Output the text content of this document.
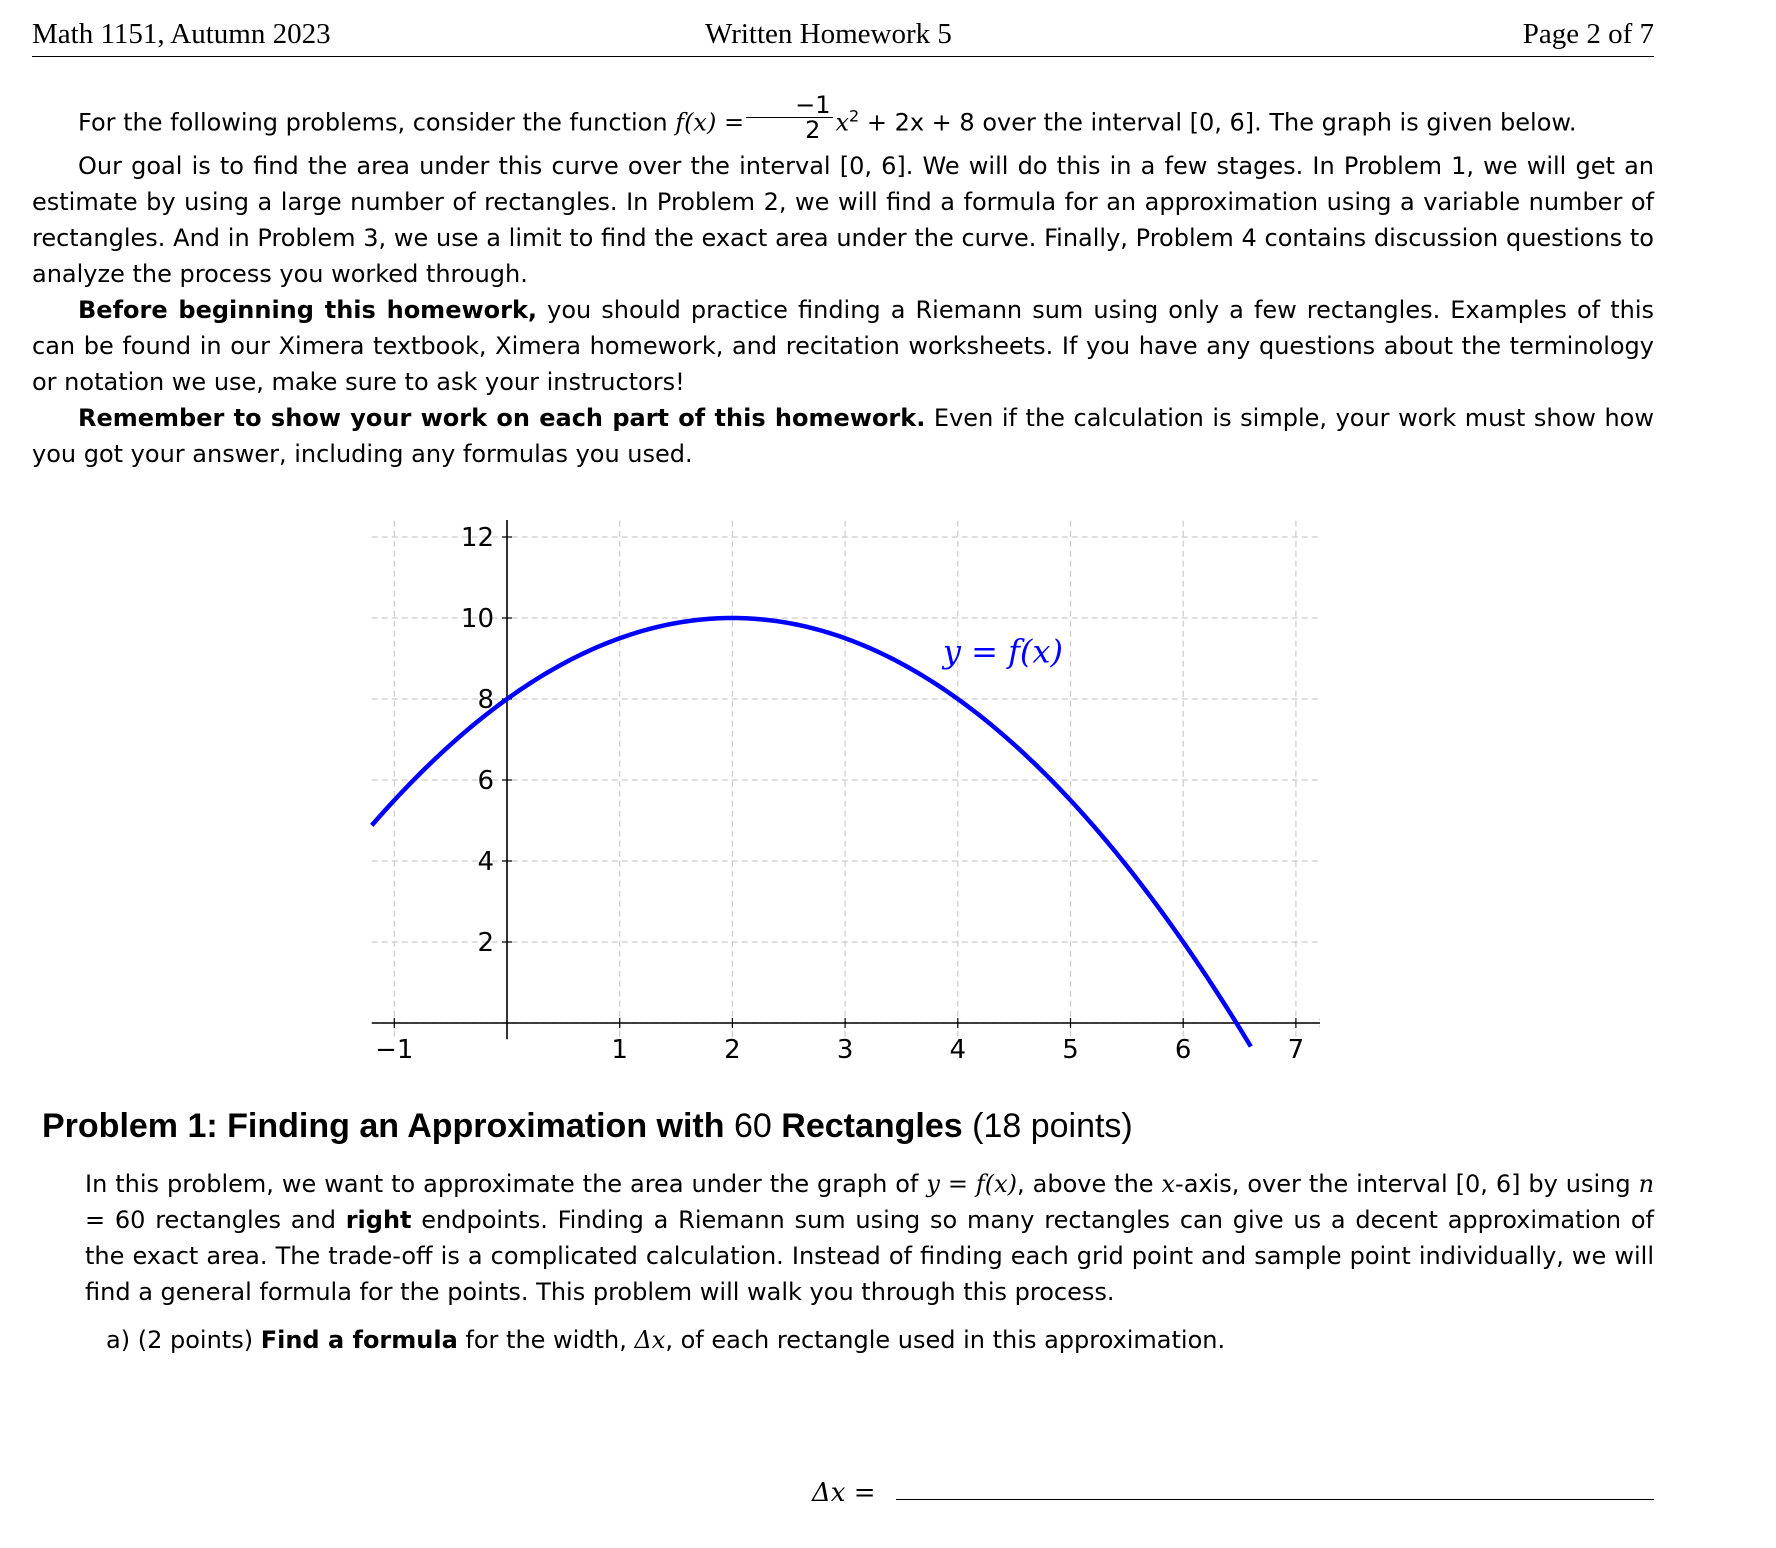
Math 1151, Autumn 2023	Written Homework 5	Page 2 of 7

For the following problems, consider the function $f(x) = \frac{-1}{2} x^2 + 2x + 8$ over the interval [0, 6]. The graph is given below.

Our goal is to find the area under this curve over the interval [0, 6]. We will do this in a few stages. In Problem 1, we will get an estimate by using a large number of rectangles. In Problem 2, we will find a formula for an approximation using a variable number of rectangles. And in Problem 3, we use a limit to find the exact area under the curve. Finally, Problem 4 contains discussion questions to analyze the process you worked through.

Before beginning this homework, you should practice finding a Riemann sum using only a few rectangles. Examples of this can be found in our Ximera textbook, Ximera homework, and recitation worksheets. If you have any questions about the terminology or notation we use, make sure to ask your instructors!

Remember to show your work on each part of this homework. Even if the calculation is simple, your work must show how you got your answer, including any formulas you used.

−1	1	2	3	4	5	6	7
2
4
6
8
10
12
y = f(x)
Problem 1: Finding an Approximation with 60 Rectangles (18 points)
In this problem, we want to approximate the area under the graph of y = f(x), above the x-axis, over the interval [0, 6] by using n = 60 rectangles and right endpoints. Finding a Riemann sum using so many rectangles can give us a decent approximation of the exact area. The trade-off is a complicated calculation. Instead of finding each grid point and sample point individually, we will find a general formula for the points. This problem will walk you through this process.
a) (2 points) Find a formula for the width, Δx, of each rectangle used in this approximation.
Δx =
